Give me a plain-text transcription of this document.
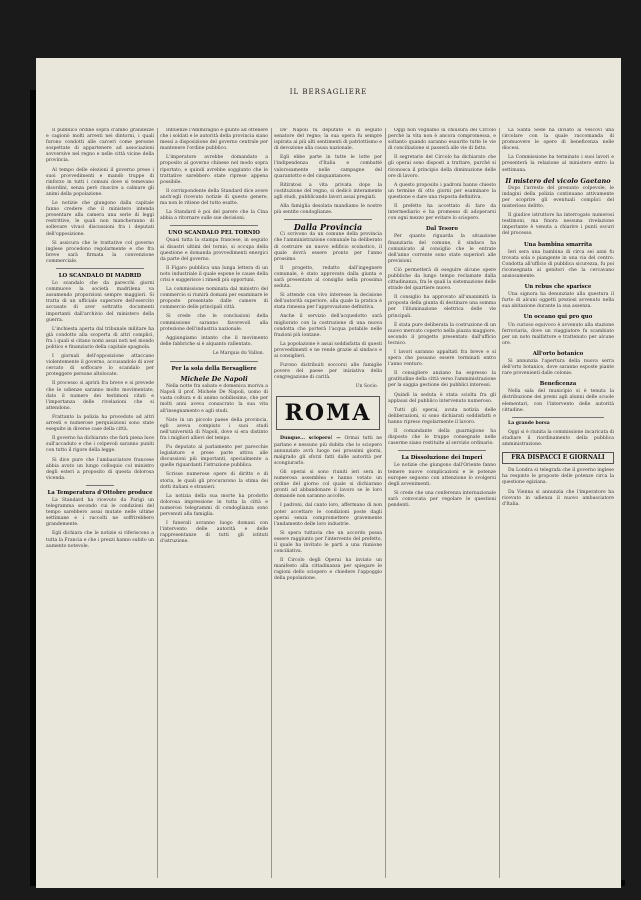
IL BERSAGLIERE

Il pubblico ordine sopra d'ambo grandezze e cagionò molti arresti nei dintorni, i quali furono condotti alle carceri come persone sospettate di appartenere ad associazioni sovversive nel regno e nelle città vicine della provincia.

Al tempo delle elezioni il governo prese i suoi provvedimenti e mandò truppe di rinforzo in tutti i comuni dove si temevano disordini, senza però riuscire a calmare gli animi della popolazione.

Le notizie che giungono dalla capitale fanno credere che il ministero intenda presentare alla camera una serie di leggi restrittive, le quali non mancheranno di sollevare vivaci discussioni fra i deputati dell'opposizione.

Si assicura che le trattative col governo inglese procedono regolarmente e che fra breve sarà firmata la convenzione commerciale.

LO SCANDALO DI MADRID

Lo scandalo che da parecchi giorni commuove la società madrilena va assumendo proporzioni sempre maggiori. Si tratta di un ufficiale superiore dell'esercito accusato di aver sottratto documenti importanti dall'archivio del ministero della guerra.

L'inchiesta aperta dal tribunale militare ha già condotto alla scoperta di altri complici, fra i quali si citano nomi assai noti nel mondo politico e finanziario della capitale spagnola.

I giornali dell'opposizione attaccano violentemente il governo, accusandolo di aver cercato di soffocare lo scandalo per proteggere persone altolocate.

Il processo si aprirà fra breve e si prevede che le udienze saranno molto movimentate, dato il numero dei testimoni citati e l'importanza delle rivelazioni che si attendono.

Frattanto la polizia ha proceduto ad altri arresti e numerose perquisizioni sono state eseguite in diverse case della città.

Il governo ha dichiarato che farà piena luce sull'accaduto e che i colpevoli saranno puniti con tutto il rigore della legge.

Si dice pure che l'ambasciatore francese abbia avuto un lungo colloquio col ministro degli esteri a proposito di questa dolorosa vicenda.

La Temperatura d'Ottobre produce

La Standard ha ricevuto da Parigi un telegramma secondo cui le condizioni del tempo sarebbero assai mutate nelle ultime settimane e i raccolti ne soffrirebbero grandemente.

Egli dichiara che le notizie si riferiscono a tutta la Francia e che i prezzi hanno subito un aumento notevole.

Influenze l'Ammiraglio è giunto ad ottenere che i soldati e le autorità della provincia siano messi a disposizione del governo centrale per mantenere l'ordine pubblico.

L'imperatore avrebbe domandato a proposito al governo chinese nel modo sopra riportato, e quindi avrebbe soggiunto che le trattative sarebbero state riprese appena possibile.

Il corrispondente della Standard dice avere anch'egli ricevuto notizie di questo genere, ma non le ritiene del tutto esatte.

La Standard è poi del parere che la Cina abbia a ritornare sulle sue decisioni.

UNO SCANDALO PEL TORNIO

Quasi tutta la stampa francese, in seguito ai disastri ultimi del tornio, si occupa della questione e domanda provvedimenti energici da parte del governo.

Il Figaro pubblica una lunga lettera di un noto industriale il quale espone le cause della crisi e suggerisce i rimedi più opportuni.

La commissione nominata dal ministro del commercio si riunirà domani per esaminare le proposte presentate dalle camere di commercio delle principali città.

Si crede che le conclusioni della commissione saranno favorevoli alla protezione dell'industria nazionale.

Aggiungiamo intanto che il movimento delle fabbriche si è alquanto rallentato.

Le Marquis du Vallon.
Per la sola della Bersagliere
Michele De Napoli

Nella notte fra sabato e domenica moriva a Napoli il prof. Michele De Napoli, uomo di vasta coltura e di animo nobilissimo, che per molti anni aveva consacrato la sua vita all'insegnamento e agli studi.

Nato in un piccolo paese della provincia, egli aveva compiuto i suoi studi nell'università di Napoli, dove si era distinto fra i migliori allievi del tempo.

Fu deputato al parlamento per parecchie legislature e prese parte attiva alle discussioni più importanti, specialmente a quelle riguardanti l'istruzione pubblica.

Scrisse numerose opere di diritto e di storia, le quali gli procurarono la stima dei dotti italiani e stranieri.

La notizia della sua morte ha prodotto dolorosa impressione in tutta la città e numerosi telegrammi di condoglianza sono pervenuti alla famiglia.

I funerali avranno luogo domani con l'intervento delle autorità e delle rappresentanze di tutti gli istituti d'istruzione.

De' Napoli fu deputato e in seguito senatore del regno; la sua opera fu sempre ispirata ai più alti sentimenti di patriottismo e di devozione alla causa nazionale.

Egli ebbe parte in tutte le lotte per l'indipendenza d'Italia e combatté valorosamente nelle campagne del quarantotto e del cinquantanove.

Ritiratosi a vita privata dopo la costituzione del regno, si dedicò interamente agli studi, pubblicando lavori assai pregiati.

Alla famiglia desolata mandiamo le nostre più sentite condoglianze.

Dalla Provincia

Ci scrivono da un comune della provincia che l'amministrazione comunale ha deliberato di costruire un nuovo edificio scolastico, il quale dovrà essere pronto per l'anno prossimo.

Il progetto, redatto dall'ingegnere comunale, è stato approvato dalla giunta e sarà presentato al consiglio nella prossima seduta.

Si attende con vivo interesse la decisione dell'autorità superiore, alla quale la pratica è stata rimessa per l'approvazione definitiva.

Anche il servizio dell'acquedotto sarà migliorato con la costruzione di una nuova condotta che porterà l'acqua potabile nelle frazioni più lontane.

La popolazione è assai soddisfatta di questi provvedimenti e ne rende grazie al sindaco e ai consiglieri.

Furono distribuiti soccorsi alle famiglie povere del paese per iniziativa della congregazione di carità.

Un Socio.
ROMA

Dunque... sciopero! — Ormai tutti ne parlano e nessuno più dubita che lo sciopero annunziato avrà luogo nei prossimi giorni, malgrado gli sforzi fatti dalle autorità per scongiurarlo.

Gli operai si sono riuniti ieri sera in numerosa assemblea e hanno votato un ordine del giorno col quale si dichiarano pronti ad abbandonare il lavoro se le loro domande non saranno accolte.

I padroni, dal canto loro, affermano di non poter accettare le condizioni poste dagli operai senza compromettere gravemente l'andamento delle loro industrie.

Si spera tuttavia che un accordo possa essere raggiunto per l'intervento del prefetto, il quale ha invitato le parti a una riunione conciliativa.

Il Circolo degli Operai ha inviato un manifesto alla cittadinanza per spiegare le ragioni dello sciopero e chiedere l'appoggio della popolazione.

Oggi non vogliamo la chiusura del Circolo perché la vita non è ancora compromessa, e soltanto quando saranno esaurite tutte le vie di conciliazione si passerà alle vie di fatto.

Il segretario del Circolo ha dichiarato che gli operai sono disposti a trattare, purché si riconosca il principio della diminuzione delle ore di lavoro.

A questo proposito i padroni hanno chiesto un termine di otto giorni per esaminare la questione e dare una risposta definitiva.

Il prefetto ha accettato di fare da intermediario e ha promesso di adoperarsi con ogni mezzo per evitare lo sciopero.

Dal Tesoro

Per quanto riguarda la situazione finanziaria del comune, il sindaco ha comunicato al consiglio che le entrate dell'anno corrente sono state superiori alle previsioni.

Ciò permetterà di eseguire alcune opere pubbliche da lungo tempo reclamate dalla cittadinanza, fra le quali la sistemazione delle strade del quartiere nuovo.

Il consiglio ha approvato all'unanimità la proposta della giunta di destinare una somma per l'illuminazione elettrica delle vie principali.

È stata pure deliberata la costruzione di un nuovo mercato coperto nella piazza maggiore, secondo il progetto presentato dall'ufficio tecnico.

I lavori saranno appaltati fra breve e si spera che possano essere terminati entro l'anno venturo.

Il consigliere anziano ha espresso la gratitudine della città verso l'amministrazione per la saggia gestione dei pubblici interessi.

Quindi la seduta è stata sciolta fra gli applausi del pubblico intervenuto numeroso.

Tutti gli operai, avuta notizia delle deliberazioni, si sono dichiarati soddisfatti e hanno ripreso regolarmente il lavoro.

Il comandante della guarnigione ha disposto che le truppe consegnate nelle caserme siano restituite al servizio ordinario.

La Dissoluzione dei Imperi

Le notizie che giungono dall'Oriente fanno temere nuove complicazioni e le potenze europee seguono con attenzione lo svolgersi degli avvenimenti.

Si crede che una conferenza internazionale sarà convocata per regolare le questioni pendenti.

La Santa Sede ha inviato ai vescovi una circolare con la quale raccomanda di promuovere le opere di beneficenza nelle diocesi.

La Commissione ha terminato i suoi lavori e presenterà la relazione al ministero entro la settimana.

Il mistero del vicolo Gaetano

Dopo l'arresto del presunto colpevole, le indagini della polizia continuano attivamente per scoprire gli eventuali complici del misterioso delitto.

Il giudice istruttore ha interrogato numerosi testimoni, ma finora nessuna rivelazione importante è venuta a chiarire i punti oscuri del processo.

Una bambina smarrita

Ieri sera una bambina di circa sei anni fu trovata sola e piangente in una via del centro. Condotta all'ufficio di pubblica sicurezza, fu poi riconsegnata ai genitori che la cercavano ansiosamente.

Un rebus che sparisce

Una signora ha denunziato alla questura il furto di alcuni oggetti preziosi avvenuto nella sua abitazione durante la sua assenza.

Un oceano qui pro quo

Un curioso equivoco è avvenuto alla stazione ferroviaria, dove un viaggiatore fu scambiato per un noto malfattore e trattenuto per alcune ore.

All'orto botanico

Si annunzia l'apertura della nuova serra dell'orto botanico, dove saranno esposte piante rare provenienti dalle colonie.

Beneficenza

Nella sala del municipio si è tenuta la distribuzione dei premi agli alunni delle scuole elementari, con l'intervento delle autorità cittadine.

La grande borsa

Oggi si è riunita la commissione incaricata di studiare il riordinamento della pubblica amministrazione.

FRA DISPACCI E GIORNALI

Da Londra si telegrafa che il governo inglese ha respinto le proposte delle potenze circa la questione egiziana.

Da Vienna si annunzia che l'imperatore ha ricevuto in udienza il nuovo ambasciatore d'Italia.
